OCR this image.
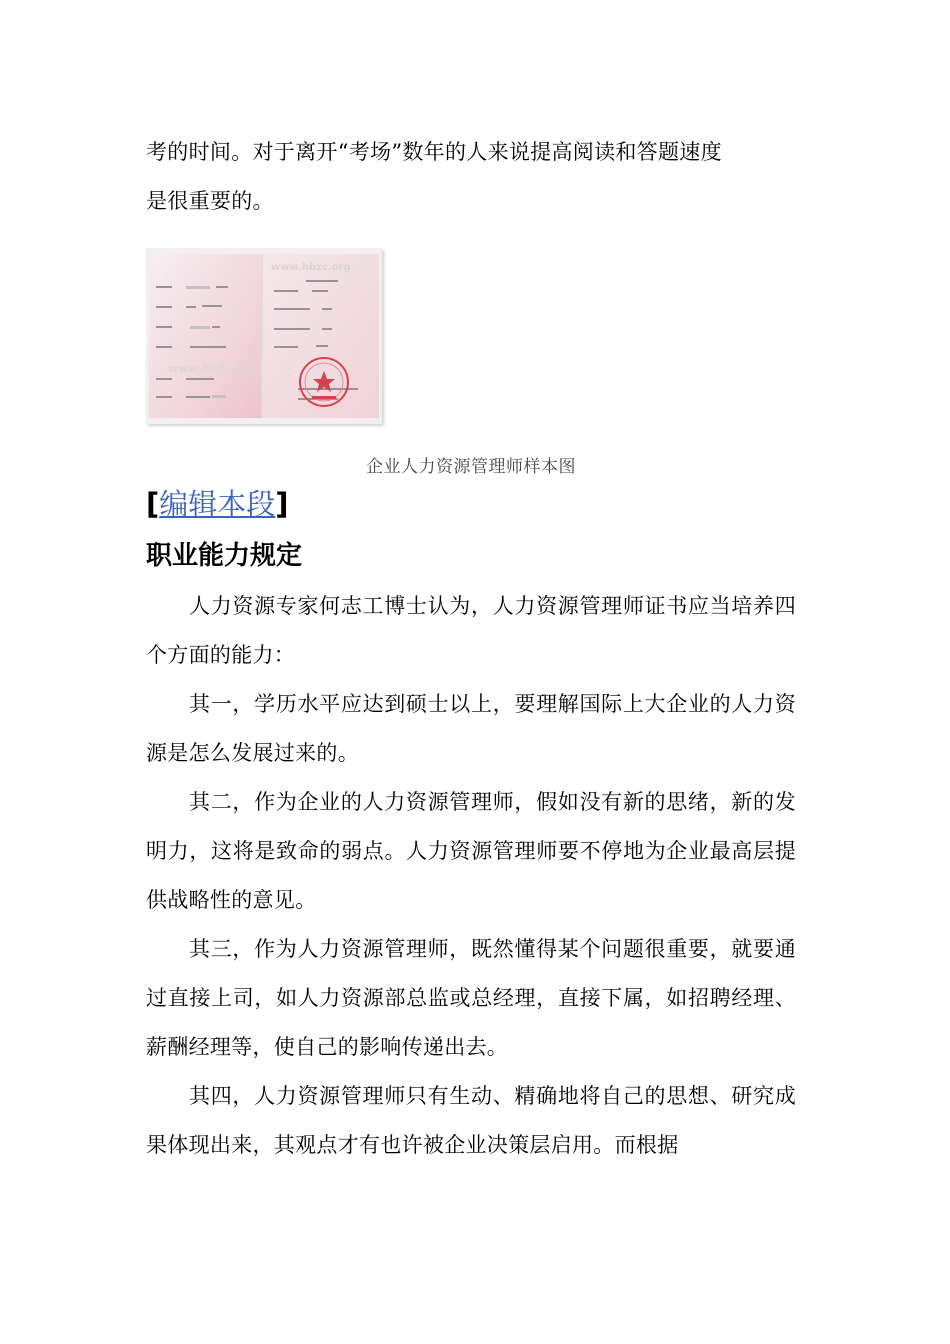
考的时间。对于离开“考场”数年的人来说提高阅读和答题速度
是很重要的。
www.hbzc.org
www.hbzc.org
企业人力资源管理师样本图
[编辑本段]
职业能力规定

人力资源专家何志工博士认为，人力资源管理师证书应当培养四个方面的能力：

其一，学历水平应达到硕士以上，要理解国际上大企业的人力资源是怎么发展过来的。

其二，作为企业的人力资源管理师，假如没有新的思绪，新的发明力，这将是致命的弱点。人力资源管理师要不停地为企业最高层提供战略性的意见。

其三，作为人力资源管理师，既然懂得某个问题很重要，就要通过直接上司，如人力资源部总监或总经理，直接下属，如招聘经理、薪酬经理等，使自己的影响传递出去。

其四，人力资源管理师只有生动、精确地将自己的思想、研究成果体现出来，其观点才有也许被企业决策层启用。而根据
